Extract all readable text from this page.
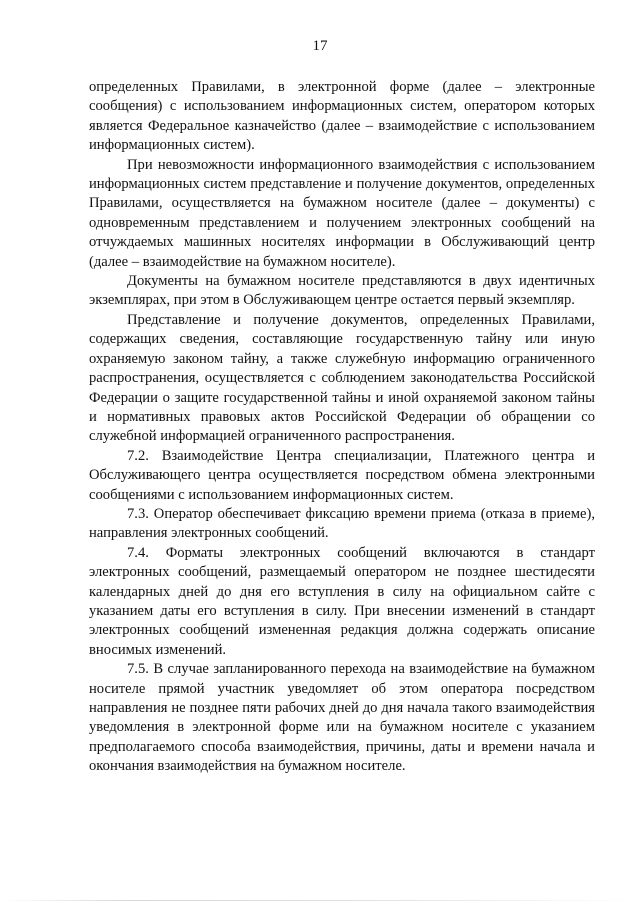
17

определенных Правилами, в электронной форме (далее – электронные сообщения) с использованием информационных систем, оператором которых является Федеральное казначейство (далее – взаимодействие с использованием информационных систем).

При невозможности информационного взаимодействия с использованием информационных систем представление и получение документов, определенных Правилами, осуществляется на бумажном носителе (далее – документы) с одновременным представлением и получением электронных сообщений на отчуждаемых машинных носителях информации в Обслуживающий центр (далее – взаимодействие на бумажном носителе).

Документы на бумажном носителе представляются в двух идентичных экземплярах, при этом в Обслуживающем центре остается первый экземпляр.

Представление и получение документов, определенных Правилами, содержащих сведения, составляющие государственную тайну или иную охраняемую законом тайну, а также служебную информацию ограниченного распространения, осуществляется с соблюдением законодательства Российской Федерации о защите государственной тайны и иной охраняемой законом тайны и нормативных правовых актов Российской Федерации об обращении со служебной информацией ограниченного распространения.

7.2. Взаимодействие Центра специализации, Платежного центра и Обслуживающего центра осуществляется посредством обмена электронными сообщениями с использованием информационных систем.

7.3. Оператор обеспечивает фиксацию времени приема (отказа в приеме), направления электронных сообщений.

7.4. Форматы электронных сообщений включаются в стандарт электронных сообщений, размещаемый оператором не позднее шестидесяти календарных дней до дня его вступления в силу на официальном сайте с указанием даты его вступления в силу. При внесении изменений в стандарт электронных сообщений измененная редакция должна содержать описание вносимых изменений.

7.5. В случае запланированного перехода на взаимодействие на бумажном носителе прямой участник уведомляет об этом оператора посредством направления не позднее пяти рабочих дней до дня начала такого взаимодействия уведомления в электронной форме или на бумажном носителе с указанием предполагаемого способа взаимодействия, причины, даты и времени начала и окончания взаимодействия на бумажном носителе.
